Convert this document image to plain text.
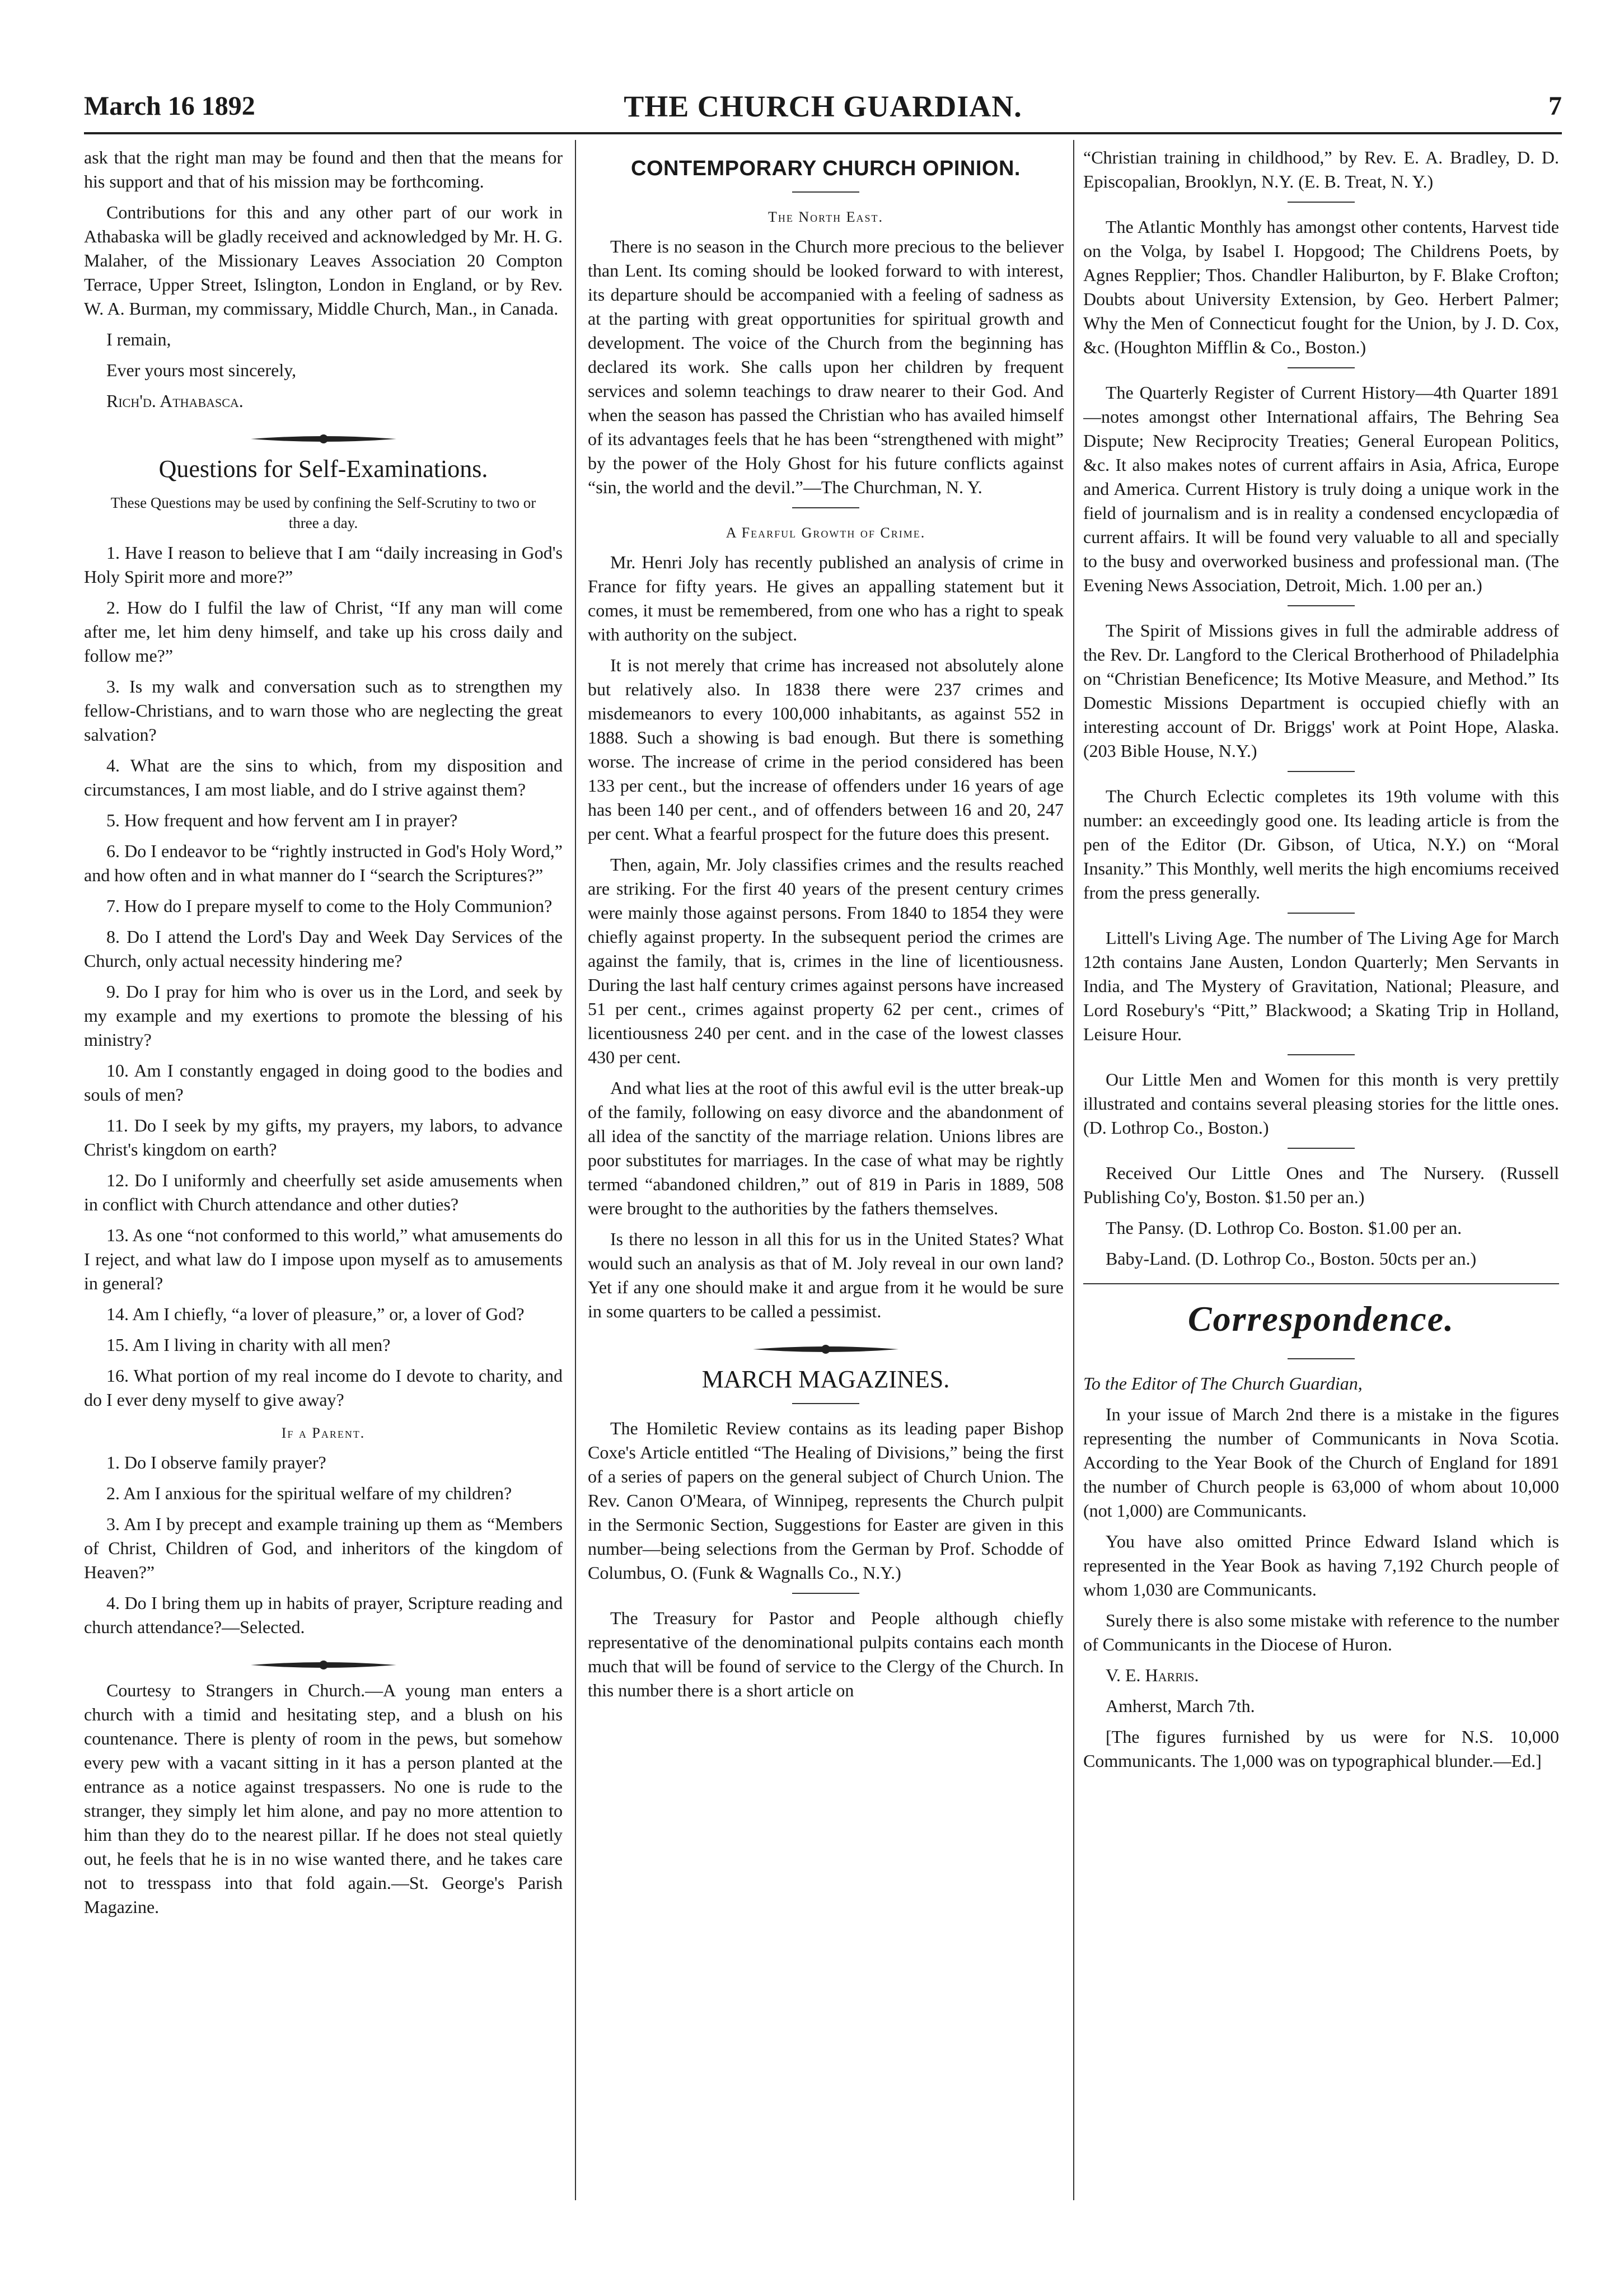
THE CHURCH GUARDIAN.
March 16 1892	7

ask that the right man may be found and then that the means for his support and that of his mission may be forthcoming.

Contributions for this and any other part of our work in Athabaska will be gladly received and acknowledged by Mr. H. G. Malaher, of the Missionary Leaves Association 20 Compton Terrace, Upper Street, Islington, London in England, or by Rev. W. A. Burman, my commissary, Middle Church, Man., in Canada.

I remain,

Ever yours most sincerely,

Rich'd. Athabasca.

Questions for Self-Examinations.
These Questions may be used by confining the Self-Scrutiny to two or three a day.

1. Have I reason to believe that I am “daily increasing in God's Holy Spirit more and more?”

2. How do I fulfil the law of Christ, “If any man will come after me, let him deny himself, and take up his cross daily and follow me?”

3. Is my walk and conversation such as to strengthen my fellow-Christians, and to warn those who are neglecting the great salvation?

4. What are the sins to which, from my disposition and circumstances, I am most liable, and do I strive against them?

5. How frequent and how fervent am I in prayer?

6. Do I endeavor to be “rightly instructed in God's Holy Word,” and how often and in what manner do I “search the Scriptures?”

7. How do I prepare myself to come to the Holy Communion?

8. Do I attend the Lord's Day and Week Day Services of the Church, only actual necessity hindering me?

9. Do I pray for him who is over us in the Lord, and seek by my example and my exertions to promote the blessing of his ministry?

10. Am I constantly engaged in doing good to the bodies and souls of men?

11. Do I seek by my gifts, my prayers, my labors, to advance Christ's kingdom on earth?

12. Do I uniformly and cheerfully set aside amusements when in conflict with Church attendance and other duties?

13. As one “not conformed to this world,” what amusements do I reject, and what law do I impose upon myself as to amusements in general?

14. Am I chiefly, “a lover of pleasure,” or, a lover of God?

15. Am I living in charity with all men?

16. What portion of my real income do I devote to charity, and do I ever deny myself to give away?

If a Parent.

1. Do I observe family prayer?

2. Am I anxious for the spiritual welfare of my children?

3. Am I by precept and example training up them as “Members of Christ, Children of God, and inheritors of the kingdom of Heaven?”

4. Do I bring them up in habits of prayer, Scripture reading and church attendance?—Selected.

Courtesy to Strangers in Church.—A young man enters a church with a timid and hesitating step, and a blush on his countenance. There is plenty of room in the pews, but somehow every pew with a vacant sitting in it has a person planted at the entrance as a notice against trespassers. No one is rude to the stranger, they simply let him alone, and pay no more attention to him than they do to the nearest pillar. If he does not steal quietly out, he feels that he is in no wise wanted there, and he takes care not to tresspass into that fold again.—St. George's Parish Magazine.

CONTEMPORARY CHURCH OPINION.
The North East.

There is no season in the Church more precious to the believer than Lent. Its coming should be looked forward to with interest, its departure should be accompanied with a feeling of sadness as at the parting with great opportunities for spiritual growth and development. The voice of the Church from the beginning has declared its work. She calls upon her children by frequent services and solemn teachings to draw nearer to their God. And when the season has passed the Christian who has availed himself of its advantages feels that he has been “strengthened with might” by the power of the Holy Ghost for his future conflicts against “sin, the world and the devil.”—The Churchman, N. Y.

A Fearful Growth of Crime.

Mr. Henri Joly has recently published an analysis of crime in France for fifty years. He gives an appalling statement but it comes, it must be remembered, from one who has a right to speak with authority on the subject.

It is not merely that crime has increased not absolutely alone but relatively also. In 1838 there were 237 crimes and misdemeanors to every 100,000 inhabitants, as against 552 in 1888. Such a showing is bad enough. But there is something worse. The increase of crime in the period considered has been 133 per cent., but the increase of offenders under 16 years of age has been 140 per cent., and of offenders between 16 and 20, 247 per cent. What a fearful prospect for the future does this present.

Then, again, Mr. Joly classifies crimes and the results reached are striking. For the first 40 years of the present century crimes were mainly those against persons. From 1840 to 1854 they were chiefly against property. In the subsequent period the crimes are against the family, that is, crimes in the line of licentiousness. During the last half century crimes against persons have increased 51 per cent., crimes against property 62 per cent., crimes of licentiousness 240 per cent. and in the case of the lowest classes 430 per cent.

And what lies at the root of this awful evil is the utter break-up of the family, following on easy divorce and the abandonment of all idea of the sanctity of the marriage relation. Unions libres are poor substitutes for marriages. In the case of what may be rightly termed “abandoned children,” out of 819 in Paris in 1889, 508 were brought to the authorities by the fathers themselves.

Is there no lesson in all this for us in the United States? What would such an analysis as that of M. Joly reveal in our own land? Yet if any one should make it and argue from it he would be sure in some quarters to be called a pessimist.

MARCH MAGAZINES.

The Homiletic Review contains as its leading paper Bishop Coxe's Article entitled “The Healing of Divisions,” being the first of a series of papers on the general subject of Church Union. The Rev. Canon O'Meara, of Winnipeg, represents the Church pulpit in the Sermonic Section, Suggestions for Easter are given in this number—being selections from the German by Prof. Schodde of Columbus, O. (Funk & Wagnalls Co., N.Y.)

The Treasury for Pastor and People although chiefly representative of the denominational pulpits contains each month much that will be found of service to the Clergy of the Church. In this number there is a short article on

“Christian training in childhood,” by Rev. E. A. Bradley, D. D. Episcopalian, Brooklyn, N.Y. (E. B. Treat, N. Y.)

The Atlantic Monthly has amongst other contents, Harvest tide on the Volga, by Isabel I. Hopgood; The Childrens Poets, by Agnes Repplier; Thos. Chandler Haliburton, by F. Blake Crofton; Doubts about University Extension, by Geo. Herbert Palmer; Why the Men of Connecticut fought for the Union, by J. D. Cox, &c. (Houghton Mifflin & Co., Boston.)

The Quarterly Register of Current History—4th Quarter 1891—notes amongst other International affairs, The Behring Sea Dispute; New Reciprocity Treaties; General European Politics, &c. It also makes notes of current affairs in Asia, Africa, Europe and America. Current History is truly doing a unique work in the field of journalism and is in reality a condensed encyclopædia of current affairs. It will be found very valuable to all and specially to the busy and overworked business and professional man. (The Evening News Association, Detroit, Mich. 1.00 per an.)

The Spirit of Missions gives in full the admirable address of the Rev. Dr. Langford to the Clerical Brotherhood of Philadelphia on “Christian Beneficence; Its Motive Measure, and Method.” Its Domestic Missions Department is occupied chiefly with an interesting account of Dr. Briggs' work at Point Hope, Alaska. (203 Bible House, N.Y.)

The Church Eclectic completes its 19th volume with this number: an exceedingly good one. Its leading article is from the pen of the Editor (Dr. Gibson, of Utica, N.Y.) on “Moral Insanity.” This Monthly, well merits the high encomiums received from the press generally.

Littell's Living Age. The number of The Living Age for March 12th contains Jane Austen, London Quarterly; Men Servants in India, and The Mystery of Gravitation, National; Pleasure, and Lord Rosebury's “Pitt,” Blackwood; a Skating Trip in Holland, Leisure Hour.

Our Little Men and Women for this month is very prettily illustrated and contains several pleasing stories for the little ones. (D. Lothrop Co., Boston.)

Received Our Little Ones and The Nursery. (Russell Publishing Co'y, Boston. $1.50 per an.)

The Pansy. (D. Lothrop Co. Boston. $1.00 per an.

Baby-Land. (D. Lothrop Co., Boston. 50cts per an.)

Correspondence.

To the Editor of The Church Guardian,

In your issue of March 2nd there is a mistake in the figures representing the number of Communicants in Nova Scotia. According to the Year Book of the Church of England for 1891 the number of Church people is 63,000 of whom about 10,000 (not 1,000) are Communicants.

You have also omitted Prince Edward Island which is represented in the Year Book as having 7,192 Church people of whom 1,030 are Communicants.

Surely there is also some mistake with reference to the number of Communicants in the Diocese of Huron.

V. E. Harris.

Amherst, March 7th.

[The figures furnished by us were for N.S. 10,000 Communicants. The 1,000 was on typographical blunder.—Ed.]
